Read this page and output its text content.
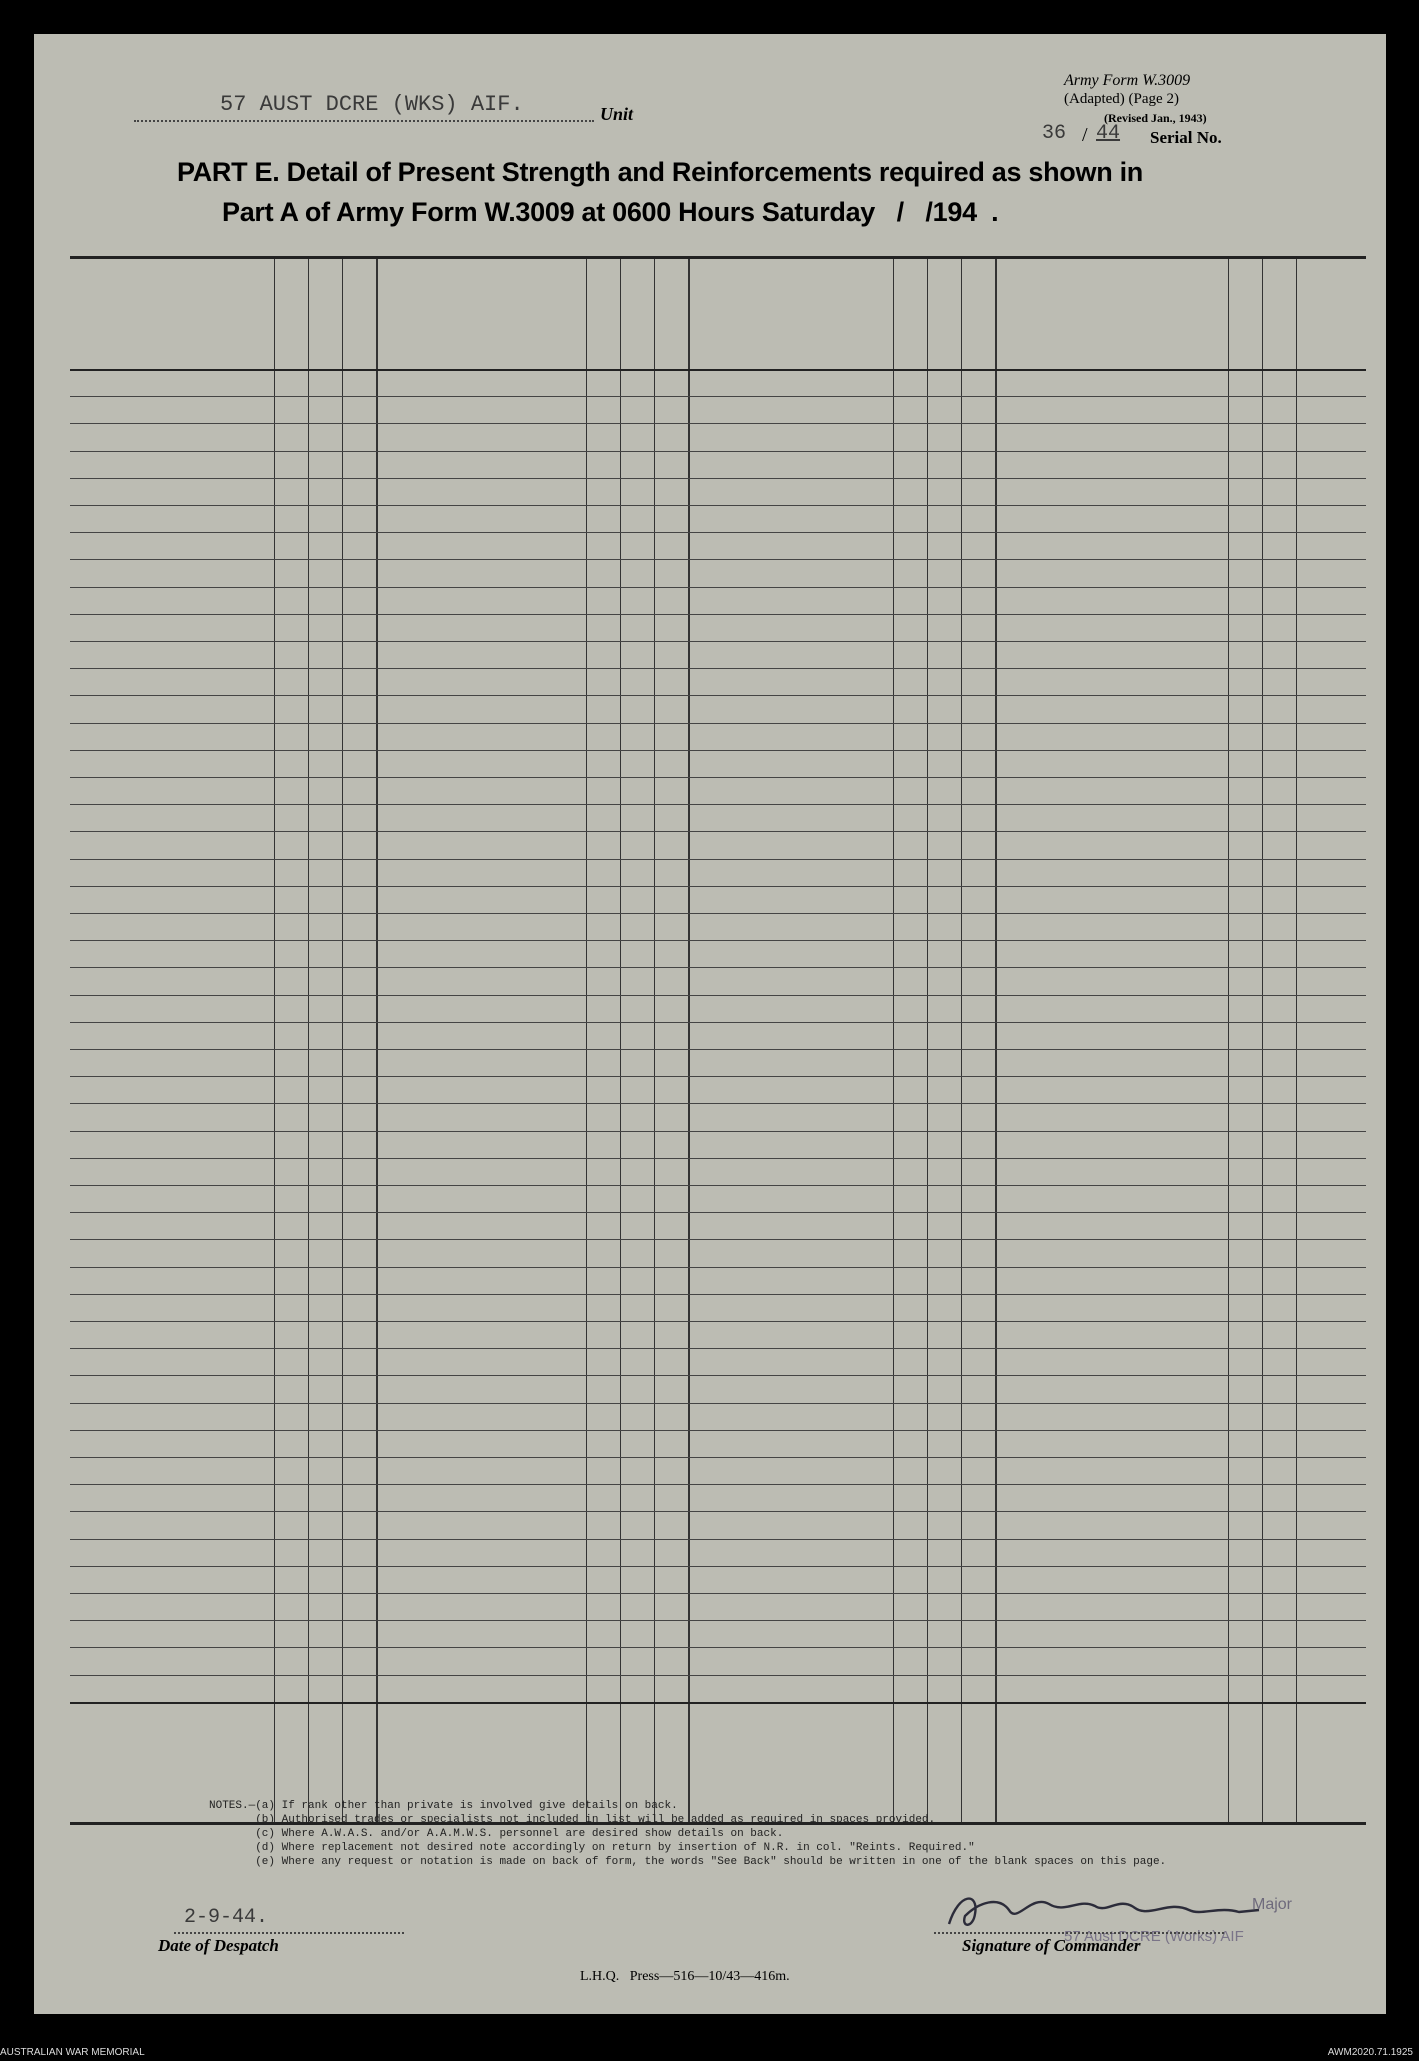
57 AUST DCRE (WKS) AIF.	Unit
Army Form W.3009
(Adapted) (Page 2)
(Revised Jan., 1943)
36 / 44 Serial No.
PART E. Detail of Present Strength and Reinforcements required as shown in
Part A of Army Form W.3009 at 0600 Hours Saturday   /   /194  .
NOTES.—(a) If rank other than private is involved give details on back.
(b) Authorised trades or specialists not included in list will be added as required in spaces provided.
(c) Where A.W.A.S. and/or A.A.M.W.S. personnel are desired show details on back.
(d) Where replacement not desired note accordingly on return by insertion of N.R. in col. "Reints. Required."
(e) Where any request or notation is made on back of form, the words "See Back" should be written in one of the blank spaces on this page.
2-9-44.
Date of Despatch
Major
57 Aust DCRE (Works) AIF
Signature of Commander
L.H.Q.   Press—516—10/43—416m.
AUSTRALIAN WAR MEMORIAL	AWM2020.71.1925
